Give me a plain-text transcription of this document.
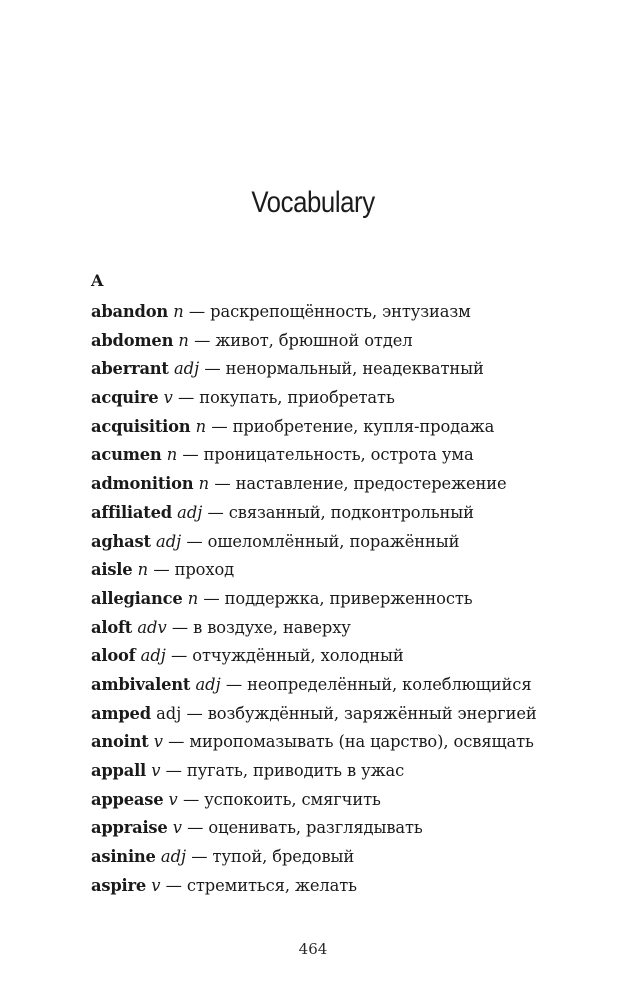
Vocabulary
A
abandon n — раскрепощённость, энтузиазм
abdomen n — живот, брюшной отдел
aberrant adj — ненормальный, неадекватный
acquire v — покупать, приобретать
acquisition n — приобретение, купля-продажа
acumen n — проницательность, острота ума
admonition n — наставление, предостережение
affiliated adj — связанный, подконтрольный
aghast adj — ошеломлённый, поражённый
aisle n — проход
allegiance n — поддержка, приверженность
aloft adv — в воздухе, наверху
aloof adj — отчуждённый, холодный
ambivalent adj — неопределённый, колеблющийся
amped adj — возбуждённый, заряжённый энергией
anoint v — миропомазывать (на царство), освящать
appall v — пугать, приводить в ужас
appease v — успокоить, смягчить
appraise v — оценивать, разглядывать
asinine adj — тупой, бредовый
aspire v — стремиться, желать
464
